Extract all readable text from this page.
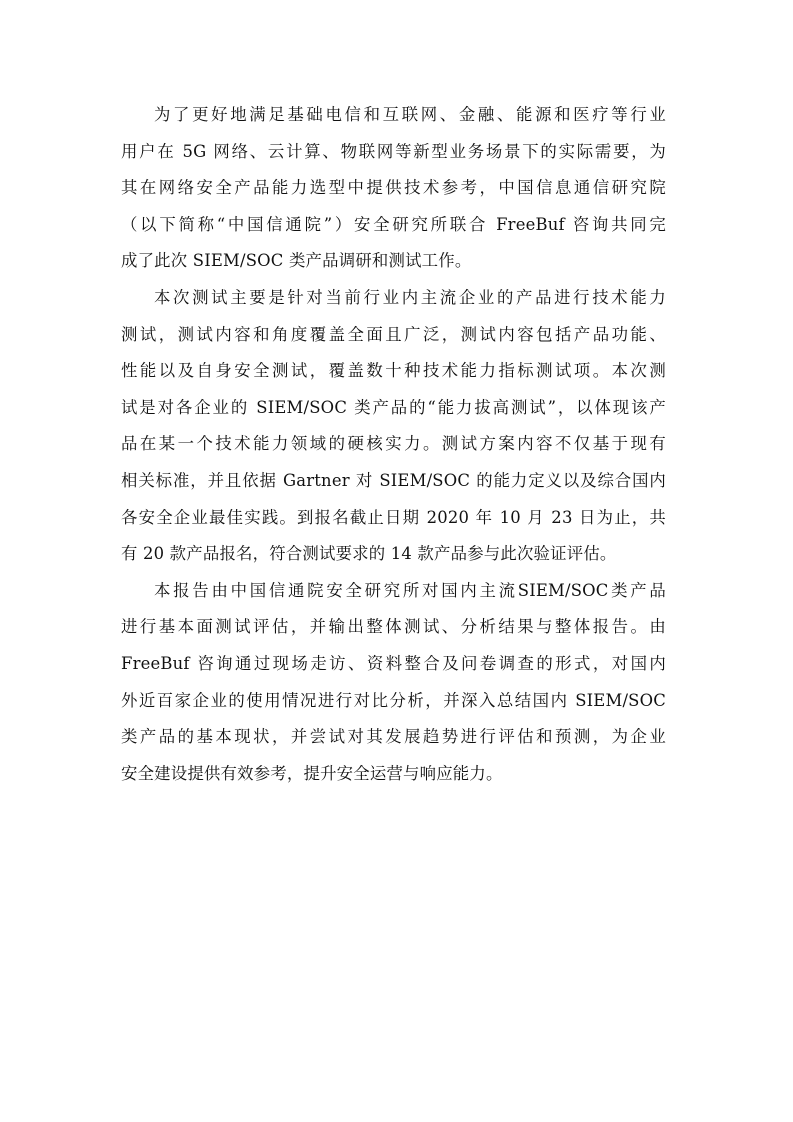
为了更好地满足基础电信和互联网、金融、能源和医疗等行业
用户在 5G 网络、云计算、物联网等新型业务场景下的实际需要，为
其在网络安全产品能力选型中提供技术参考，中国信息通信研究院
（以下简称“中国信通院”）安全研究所联合 FreeBuf 咨询共同完
成了此次 SIEM/SOC 类产品调研和测试工作。
本次测试主要是针对当前行业内主流企业的产品进行技术能力
测试，测试内容和角度覆盖全面且广泛，测试内容包括产品功能、
性能以及自身安全测试，覆盖数十种技术能力指标测试项。本次测
试是对各企业的 SIEM/SOC 类产品的“能力拔高测试”，以体现该产
品在某一个技术能力领域的硬核实力。测试方案内容不仅基于现有
相关标准，并且依据 Gartner 对 SIEM/SOC 的能力定义以及综合国内
各安全企业最佳实践。到报名截止日期 2020 年 10 月 23 日为止，共
有 20 款产品报名，符合测试要求的 14 款产品参与此次验证评估。
本报告由中国信通院安全研究所对国内主流SIEM/SOC类产品
进行基本面测试评估，并输出整体测试、分析结果与整体报告。由
FreeBuf 咨询通过现场走访、资料整合及问卷调查的形式，对国内
外近百家企业的使用情况进行对比分析，并深入总结国内 SIEM/SOC
类产品的基本现状，并尝试对其发展趋势进行评估和预测，为企业
安全建设提供有效参考，提升安全运营与响应能力。
